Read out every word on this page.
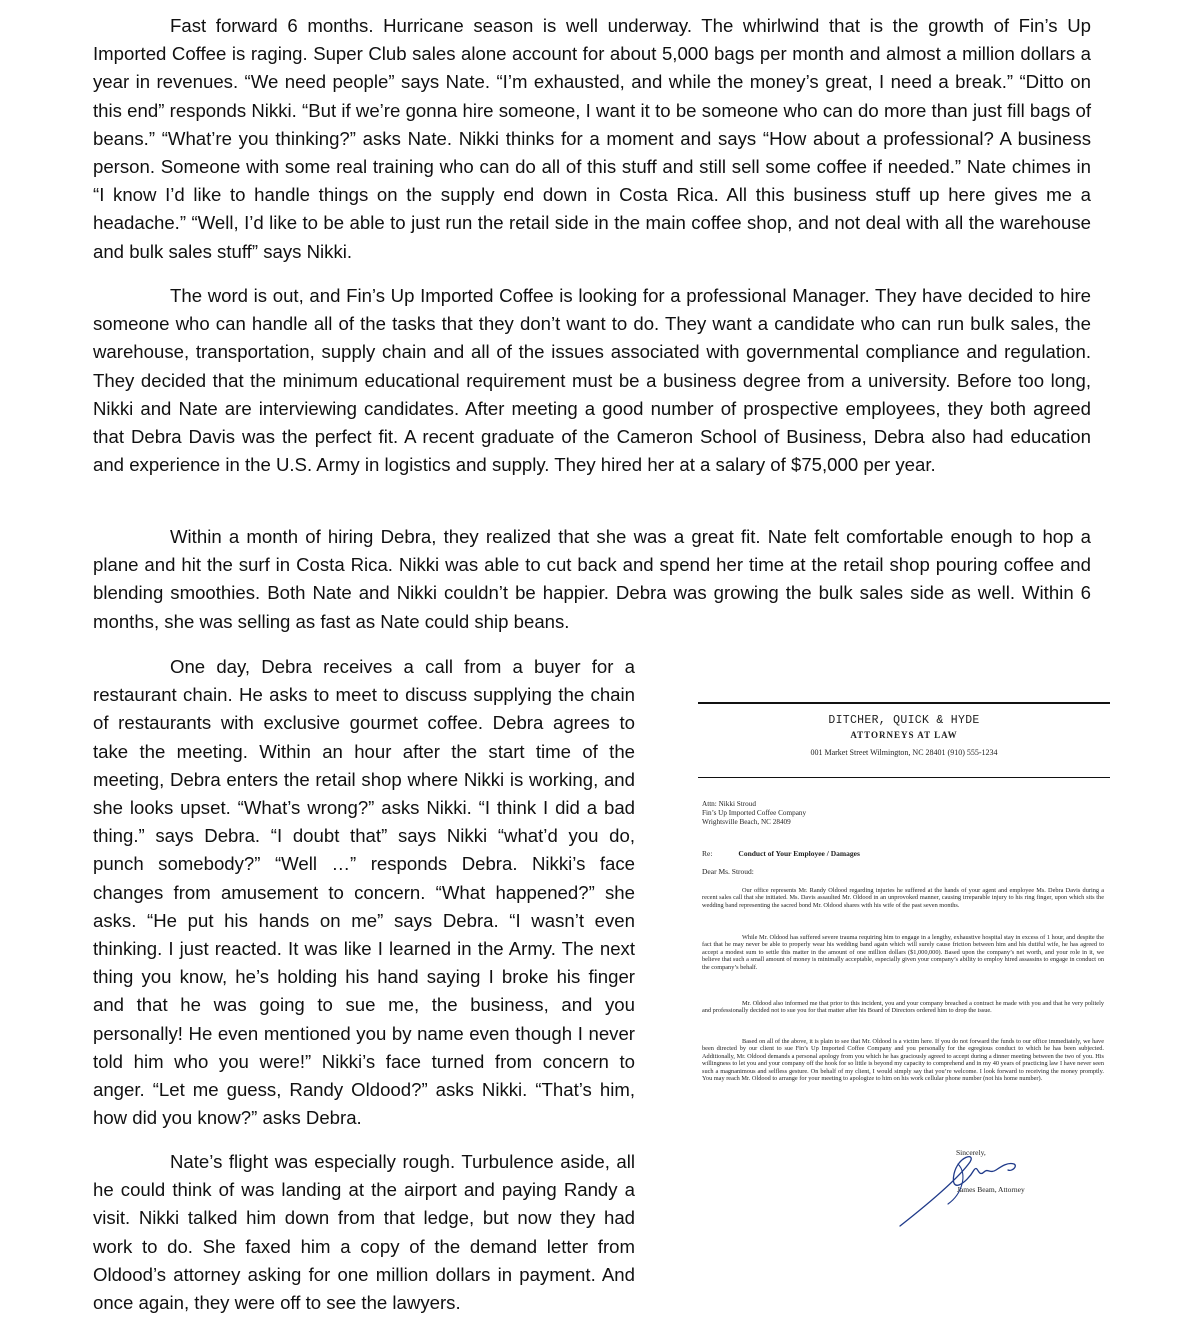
Fast forward 6 months. Hurricane season is well underway. The whirlwind that is the growth of Fin’s Up Imported Coffee is raging. Super Club sales alone account for about 5,000 bags per month and almost a million dollars a year in revenues. “We need people” says Nate. “I’m exhausted, and while the money’s great, I need a break.” “Ditto on this end” responds Nikki. “But if we’re gonna hire someone, I want it to be someone who can do more than just fill bags of beans.” “What’re you thinking?” asks Nate. Nikki thinks for a moment and says “How about a professional? A business person. Someone with some real training who can do all of this stuff and still sell some coffee if needed.” Nate chimes in “I know I’d like to handle things on the supply end down in Costa Rica. All this business stuff up here gives me a headache.” “Well, I’d like to be able to just run the retail side in the main coffee shop, and not deal with all the warehouse and bulk sales stuff” says Nikki.

The word is out, and Fin’s Up Imported Coffee is looking for a professional Manager. They have decided to hire someone who can handle all of the tasks that they don’t want to do. They want a candidate who can run bulk sales, the warehouse, transportation, supply chain and all of the issues associated with governmental compliance and regulation. They decided that the minimum educational requirement must be a business degree from a university. Before too long, Nikki and Nate are interviewing candidates. After meeting a good number of prospective employees, they both agreed that Debra Davis was the perfect fit. A recent graduate of the Cameron School of Business, Debra also had education and experience in the U.S. Army in logistics and supply. They hired her at a salary of $75,000 per year.

Within a month of hiring Debra, they realized that she was a great fit. Nate felt comfortable enough to hop a plane and hit the surf in Costa Rica. Nikki was able to cut back and spend her time at the retail shop pouring coffee and blending smoothies. Both Nate and Nikki couldn’t be happier. Debra was growing the bulk sales side as well. Within 6 months, she was selling as fast as Nate could ship beans.

One day, Debra receives a call from a buyer for a restaurant chain. He asks to meet to discuss supplying the chain of restaurants with exclusive gourmet coffee. Debra agrees to take the meeting. Within an hour after the start time of the meeting, Debra enters the retail shop where Nikki is working, and she looks upset. “What’s wrong?” asks Nikki. “I think I did a bad thing.” says Debra. “I doubt that” says Nikki “what’d you do, punch somebody?” “Well …” responds Debra. Nikki’s face changes from amusement to concern. “What happened?” she asks. “He put his hands on me” says Debra. “I wasn’t even thinking. I just reacted. It was like I learned in the Army. The next thing you know, he’s holding his hand saying I broke his finger and that he was going to sue me, the business, and you personally! He even mentioned you by name even though I never told him who you were!” Nikki’s face turned from concern to anger. “Let me guess, Randy Oldood?” asks Nikki. “That’s him, how did you know?” asks Debra.

Nate’s flight was especially rough. Turbulence aside, all he could think of was landing at the airport and paying Randy a visit. Nikki talked him down from that ledge, but now they had work to do. She faxed him a copy of the demand letter from Oldood’s attorney asking for one million dollars in payment. And once again, they were off to see the lawyers.

DITCHER, QUICK & HYDE
ATTORNEYS AT LAW
001 Market Street Wilmington, NC 28401 (910) 555-1234
Attn: Nikki Stroud
Fin’s Up Imported Coffee Company
Wrightsville Beach, NC 28409
Re:	Conduct of Your Employee / Damages
Dear Ms. Stroud:

Our office represents Mr. Randy Oldood regarding injuries he suffered at the hands of your agent and employee Ms. Debra Davis during a recent sales call that she initiated. Ms. Davis assaulted Mr. Oldood in an unprovoked manner, causing irreparable injury to his ring finger, upon which sits the wedding band representing the sacred bond Mr. Oldood shares with his wife of the past seven months.

While Mr. Oldood has suffered severe trauma requiring him to engage in a lengthy, exhaustive hospital stay in excess of 1 hour, and despite the fact that he may never be able to properly wear his wedding band again which will surely cause friction between him and his dutiful wife, he has agreed to accept a modest sum to settle this matter in the amount of one million dollars ($1,000,000). Based upon the company’s net worth, and your role in it, we believe that such a small amount of money is minimally acceptable, especially given your company’s ability to employ hired assassins to engage in conduct on the company’s behalf.

Mr. Oldood also informed me that prior to this incident, you and your company breached a contract he made with you and that he very politely and professionally decided not to sue you for that matter after his Board of Directors ordered him to drop the issue.

Based on all of the above, it is plain to see that Mr. Oldood is a victim here. If you do not forward the funds to our office immediately, we have been directed by our client to sue Fin’s Up Imported Coffee Company and you personally for the egregious conduct to which he has been subjected. Additionally, Mr. Oldood demands a personal apology from you which he has graciously agreed to accept during a dinner meeting between the two of you. His willingness to let you and your company off the hook for so little is beyond my capacity to comprehend and in my 40 years of practicing law I have never seen such a magnanimous and selfless gesture. On behalf of my client, I would simply say that you’re welcome. I look forward to receiving the money promptly. You may reach Mr. Oldood to arrange for your meeting to apologize to him on his work cellular phone number (not his home number).

Sincerely,
James Beam, Attorney
